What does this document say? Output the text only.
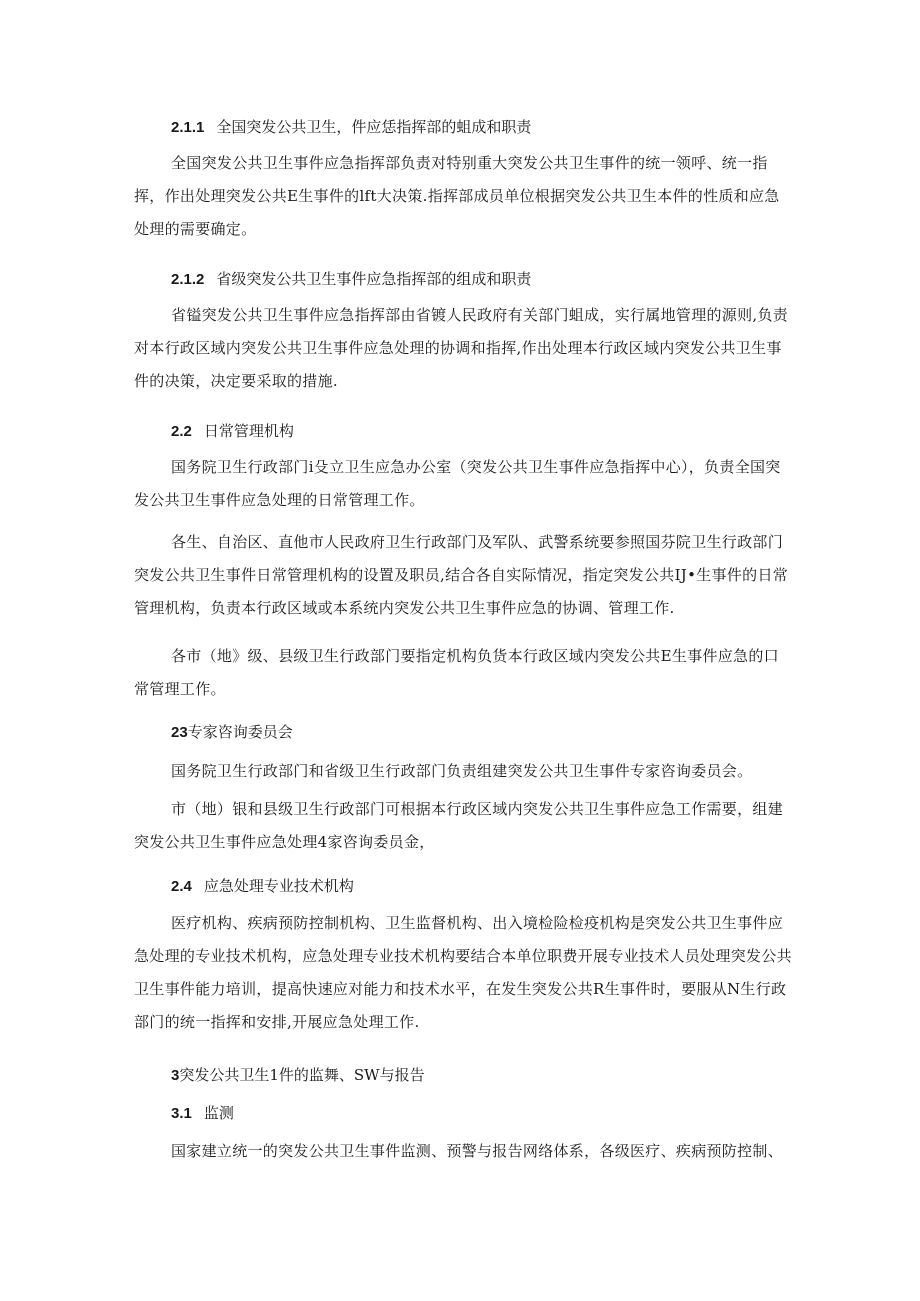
2.1.1 全国突发公共卫生，件应恁指挥部的蛆成和职责

全国突发公共卫生事件应急指挥部负责对特别重大突发公共卫生事件的统一领呼、统一指挥，作出处理突发公共E生事件的lft大决策.指挥部成员单位根据突发公共卫生本件的性质和应急处理的需要确定。

2.1.2 省级突发公共卫生事件应急指挥部的组成和职责

省镒突发公共卫生事件应急指挥部由省镀人民政府有关部门蛆成，实行属地管理的源则,负责对本行政区域内突发公共卫生事件应急处理的协调和指挥,作出处理本行政区域内突发公共卫生事件的决策，决定要采取的措施.

2.2 日常管理机构

国务院卫生行政部门i殳立卫生应急办公室（突发公共卫生事件应急指挥中心），负责全国突发公共卫生事件应急处理的日常管理工作。

各生、自治区、直他市人民政府卫生行政部门及军队、武警系统要参照国芬院卫生行政部门突发公共卫生事件日常管理机构的设置及职员,结合各自实际情况，指定突发公共IJ•生事件的日常管理机构，负责本行政区域或本系统内突发公共卫生事件应急的协调、管理工作.

各市（地》级、县级卫生行政部门要指定机构负货本行政区域内突发公共E生事件应急的口常管理工作。

23专家咨询委员会

国务院卫生行政部门和省级卫生行政部门负责组建突发公共卫生事件专家咨询委员会。

市（地）银和县级卫生行政部门可根据本行政区域内突发公共卫生事件应急工作需要，组建突发公共卫生事件应急处理4家咨询委员金，

2.4 应急处理专业技术机构

医疗机构、疾病预防控制机构、卫生监督机构、出入境检险检疫机构是突发公共卫生事件应急处理的专业技术机构，应急处理专业技术机构要结合本单位职费开展专业技术人员处理突发公共卫生事件能力培训，提高快速应对能力和技术水平，在发生突发公共R生事件时，要服从N生行政部门的统一指挥和安排,开展应急处理工作.

3突发公共卫生1件的监舞、SW与报告

3.1 监测

国家建立统一的突发公共卫生事件监测、预警与报告网络体系，各级医疗、疾病预防控制、
